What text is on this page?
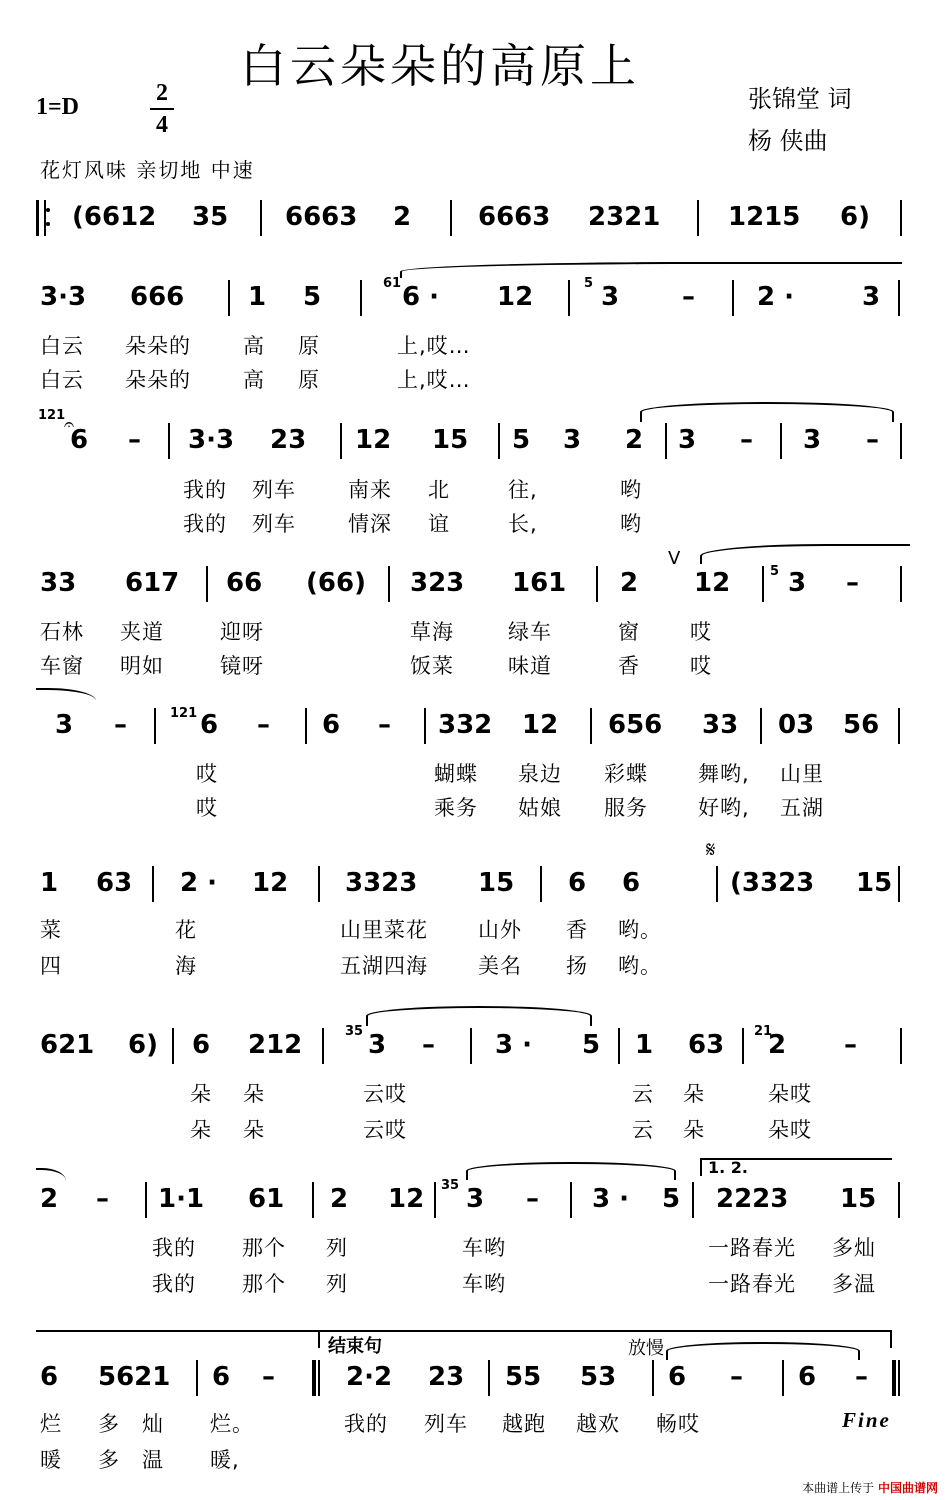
白云朵朵的高原上
张锦堂 词
杨 侠曲
1=D
2
4
花灯风味 亲切地 中速
(6612 35 6663 2	6663 2321	1215 6)
3·3 666 1 5	6 · 12	3 – 2 ·	3
白云 朵朵的 高 原	上,哎…
白云 朵朵的 高 原	上,哎…
6 – 3·3 23 12 15 5 3 2 3 – 3 –
我的 列车 南来 北	往,	哟
我的 列车 情深 谊	长,	哟
33 617 66 (66) 323 161 2 12 3 –
石林 夹道	迎呀	草海	绿车	窗 哎
车窗 明如	镜呀	饭菜	味道	香 哎
3 –	6 – 6 – 332 12 656 33 03 56
哎	蝴蝶 泉边 彩蝶 舞哟, 山里
哎	乘务 姑娘 服务 好哟, 五湖
1 63 2 · 12 3323 15 6 6	(3323 15
菜	花	山里菜花 山外 香 哟。
四	海	五湖四海 美名 扬 哟。
621 6) 6 212	3 – 3 · 5 1 63 2 –
朵 朵	云哎	云 朵	朵哎
朵 朵	云哎	云 朵	朵哎
2 – 1·1 61 2 12 3 – 3 · 5 2223 15
我的 那个 列	车哟	一路春光 多灿
我的 那个 列	车哟	一路春光 多温
6 5621 6 –	2·2 23 55 53 6 – 6 –
烂 多 灿 烂。	我的 列车 越跑 越欢 畅哎
暖 多 温 暖,
61	5
121
5
121
35	21
35
𝄐
V
𝄋
1. 2.
结束句	放慢
Fine
本曲谱上传于 中国曲谱网
